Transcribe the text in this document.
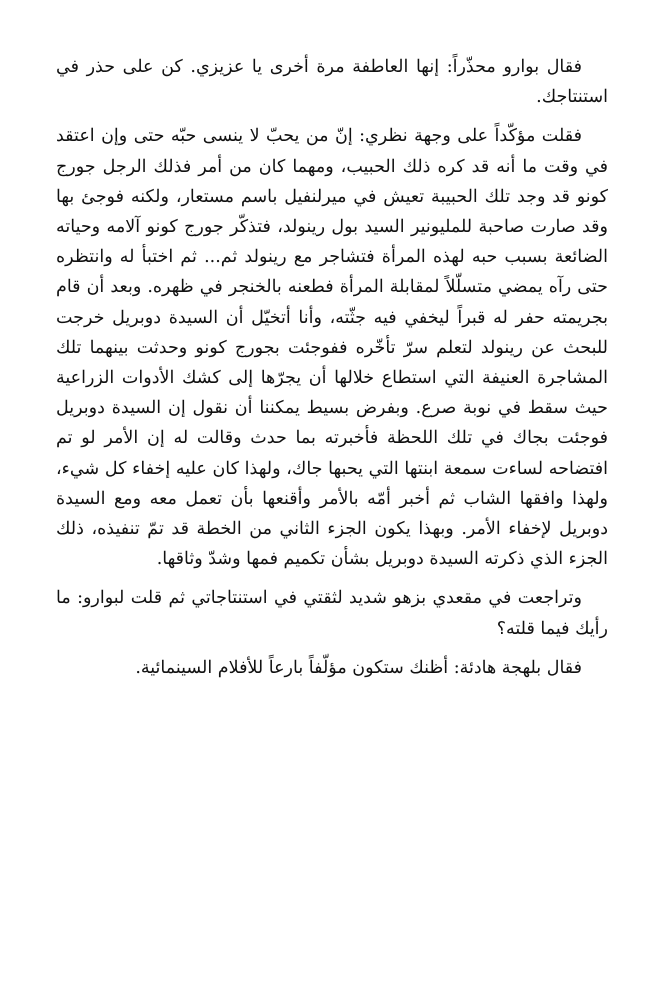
فقال بوارو محذّراً: إنها العاطفة مرة أخرى يا عزيزي. كن على حذر في استنتاجك.

فقلت مؤكّداً على وجهة نظري: إنّ من يحبّ لا ينسى حبّه حتى وإن اعتقد في وقت ما أنه قد كره ذلك الحبيب، ومهما كان من أمر فذلك الرجل جورج كونو قد وجد تلك الحبيبة تعيش في ميرلنفيل باسم مستعار، ولكنه فوجئ بها وقد صارت صاحبة للمليونير السيد بول رينولد، فتذكّر جورج كونو آلامه وحياته الضائعة بسبب حبه لهذه المرأة فتشاجر مع رينولد ثم... ثم اختبأ له وانتظره حتى رآه يمضي متسلّلاً لمقابلة المرأة فطعنه بالخنجر في ظهره. وبعد أن قام بجريمته حفر له قبراً ليخفي فيه جثّته، وأنا أتخيّل أن السيدة دوبريل خرجت للبحث عن رينولد لتعلم سرّ تأخّره ففوجئت بجورج كونو وحدثت بينهما تلك المشاجرة العنيفة التي استطاع خلالها أن يجرّها إلى كشك الأدوات الزراعية حيث سقط في نوبة صرع. وبفرض بسيط يمكننا أن نقول إن السيدة دوبريل فوجئت بجاك في تلك اللحظة فأخبرته بما حدث وقالت له إن الأمر لو تم افتضاحه لساءت سمعة ابنتها التي يحبها جاك، ولهذا كان عليه إخفاء كل شيء، ولهذا وافقها الشاب ثم أخبر أمّه بالأمر وأقنعها بأن تعمل معه ومع السيدة دوبريل لإخفاء الأمر. وبهذا يكون الجزء الثاني من الخطة قد تمّ تنفيذه، ذلك الجزء الذي ذكرته السيدة دوبريل بشأن تكميم فمها وشدّ وثاقها.

وتراجعت في مقعدي بزهو شديد لثقتي في استنتاجاتي ثم قلت لبوارو: ما رأيك فيما قلته؟

فقال بلهجة هادئة: أظنك ستكون مؤلّفاً بارعاً للأفلام السينمائية.
